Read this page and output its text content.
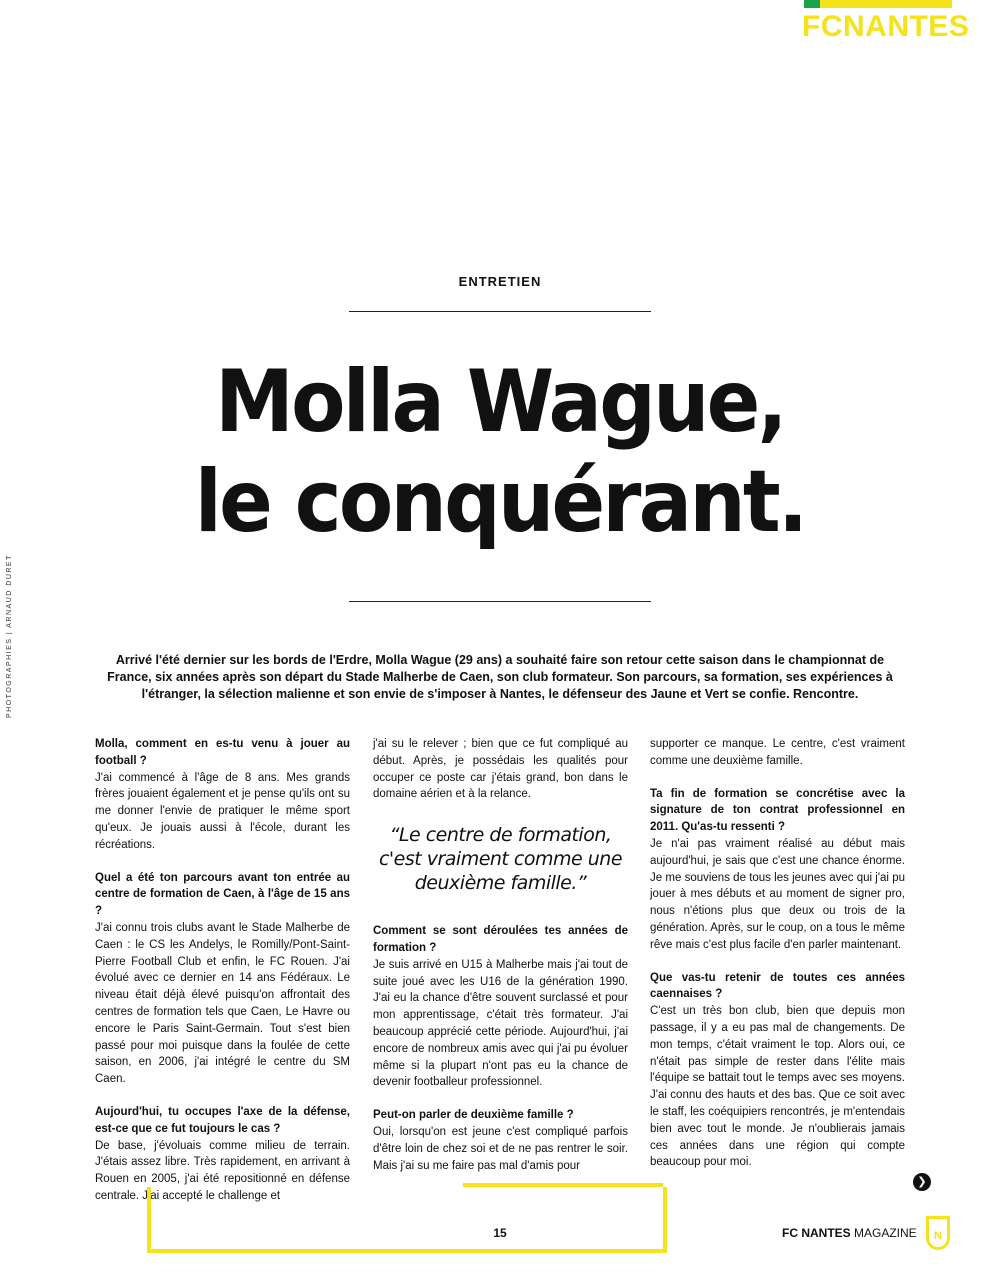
FCNANTES
PHOTOGRAPHIES | ARNAUD DURET
ENTRETIEN
Molla Wague,
le conquérant.
Arrivé l'été dernier sur les bords de l'Erdre, Molla Wague (29 ans) a souhaité faire son retour cette saison dans le championnat de France, six années après son départ du Stade Malherbe de Caen, son club formateur. Son parcours, sa formation, ses expériences à l'étranger, la sélection malienne et son envie de s'imposer à Nantes, le défenseur des Jaune et Vert se confie. Rencontre.

Molla, comment en es-tu venu à jouer au football ?

J'ai commencé à l'âge de 8 ans. Mes grands frères jouaient également et je pense qu'ils ont su me donner l'envie de pratiquer le même sport qu'eux. Je jouais aussi à l'école, durant les récréations.

Quel a été ton parcours avant ton entrée au centre de formation de Caen, à l'âge de 15 ans ?

J'ai connu trois clubs avant le Stade Malherbe de Caen : le CS les Andelys, le Romilly/Pont-Saint-Pierre Football Club et enfin, le FC Rouen. J'ai évolué avec ce dernier en 14 ans Fédéraux. Le niveau était déjà élevé puisqu'on affrontait des centres de formation tels que Caen, Le Havre ou encore le Paris Saint-Germain. Tout s'est bien passé pour moi puisque dans la foulée de cette saison, en 2006, j'ai intégré le centre du SM Caen.

Aujourd'hui, tu occupes l'axe de la défense, est-ce que ce fut toujours le cas ?

De base, j'évoluais comme milieu de terrain. J'étais assez libre. Très rapidement, en arrivant à Rouen en 2005, j'ai été repositionné en défense centrale. J'ai accepté le challenge et

j'ai su le relever ; bien que ce fut compliqué au début. Après, je possédais les qualités pour occuper ce poste car j'étais grand, bon dans le domaine aérien et à la relance.

“Le centre de formation, c'est vraiment comme une deuxième famille.”

Comment se sont déroulées tes années de formation ?

Je suis arrivé en U15 à Malherbe mais j'ai tout de suite joué avec les U16 de la génération 1990. J'ai eu la chance d'être souvent surclassé et pour mon apprentissage, c'était très formateur. J'ai beaucoup apprécié cette période. Aujourd'hui, j'ai encore de nombreux amis avec qui j'ai pu évoluer même si la plupart n'ont pas eu la chance de devenir footballeur professionnel.

Peut-on parler de deuxième famille ?

Oui, lorsqu'on est jeune c'est compliqué parfois d'être loin de chez soi et de ne pas rentrer le soir. Mais j'ai su me faire pas mal d'amis pour

supporter ce manque. Le centre, c'est vraiment comme une deuxième famille.

Ta fin de formation se concrétise avec la signature de ton contrat professionnel en 2011. Qu'as-tu ressenti ?

Je n'ai pas vraiment réalisé au début mais aujourd'hui, je sais que c'est une chance énorme. Je me souviens de tous les jeunes avec qui j'ai pu jouer à mes débuts et au moment de signer pro, nous n'étions plus que deux ou trois de la génération. Après, sur le coup, on a tous le même rêve mais c'est plus facile d'en parler maintenant.

Que vas-tu retenir de toutes ces années caennaises ?

C'est un très bon club, bien que depuis mon passage, il y a eu pas mal de changements. De mon temps, c'était vraiment le top. Alors oui, ce n'était pas simple de rester dans l'élite mais l'équipe se battait tout le temps avec ses moyens. J'ai connu des hauts et des bas. Que ce soit avec le staff, les coéquipiers rencontrés, je m'entendais bien avec tout le monde. Je n'oublierais jamais ces années dans une région qui compte beaucoup pour moi.

15	FC NANTES MAGAZINE	N
❯
